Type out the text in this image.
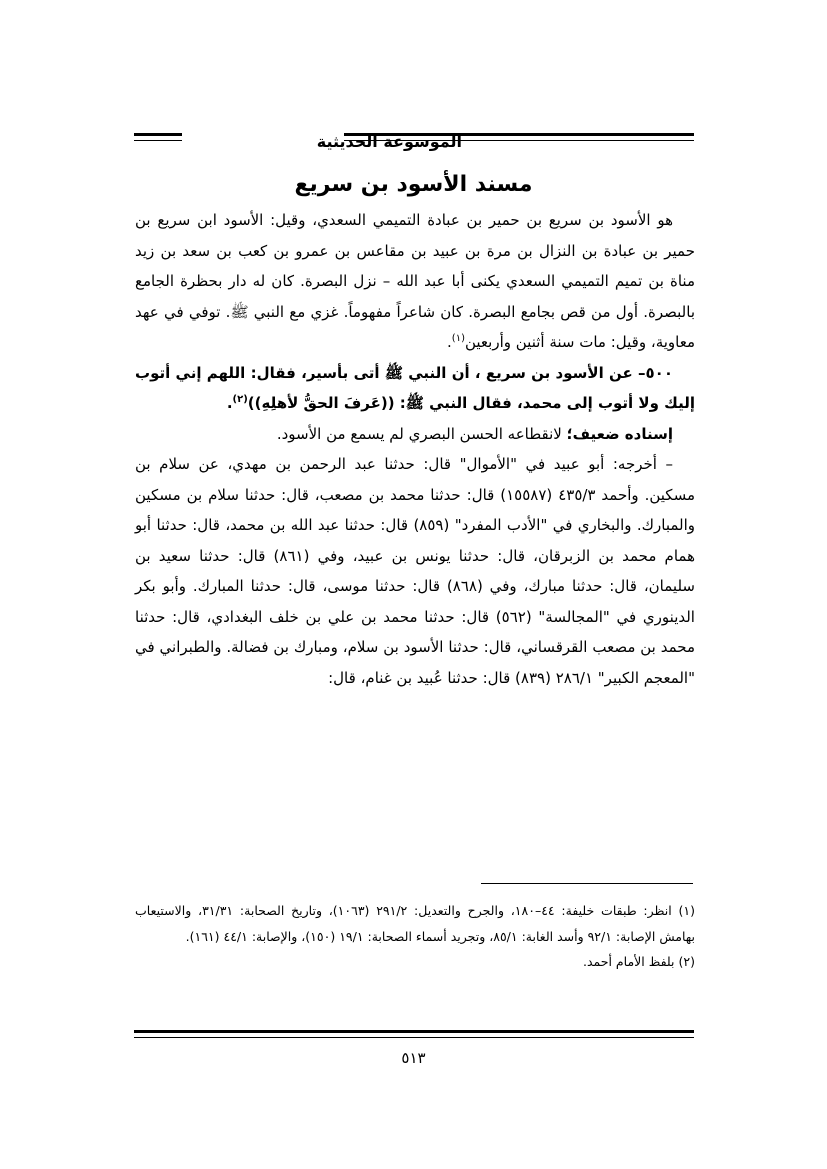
الموسوعة الحديثية
مسند الأسود بن سريع

هو الأسود بن سريع بن حمير بن عبادة التميمي السعدي، وقيل: الأسود ابن سريع بن حمير بن عبادة بن النزال بن مرة بن عبيد بن مقاعس بن عمرو بن كعب بن سعد بن زيد مناة بن تميم التميمي السعدي يكنى أبا عبد الله – نزل البصرة. كان له دار بحظرة الجامع بالبصرة. أول من قص بجامع البصرة. كان شاعراً مفهوماً. غزي مع النبي ﷺ. توفي في عهد معاوية، وقيل: مات سنة أثنين وأربعين$^{(١)}$.

٥٠٠– عن الأسود بن سريع ، أن النبي ﷺ أتى بأسير، فقال: اللهم إني أتوب إليك ولا أتوب إلى محمد، فقال النبي ﷺ: ((عَرفَ الحقُّ لأهلِهِ))$^{(٢)}$.

إسناده ضعيف؛ لانقطاعه الحسن البصري لم يسمع من الأسود.

– أخرجه: أبو عبيد في "الأموال" قال: حدثنا عبد الرحمن بن مهدي، عن سلام بن مسكين. وأحمد ٤٣٥/٣ (١٥٥٨٧) قال: حدثنا محمد بن مصعب، قال: حدثنا سلام بن مسكين والمبارك. والبخاري في "الأدب المفرد" (٨٥٩) قال: حدثنا عبد الله بن محمد، قال: حدثنا أبو همام محمد بن الزبرقان، قال: حدثنا يونس بن عبيد، وفي (٨٦١) قال: حدثنا سعيد بن سليمان، قال: حدثنا مبارك، وفي (٨٦٨) قال: حدثنا موسى، قال: حدثنا المبارك. وأبو بكر الدينوري في "المجالسة" (٥٦٢) قال: حدثنا محمد بن علي بن خلف البغدادي، قال: حدثنا محمد بن مصعب القرقساني، قال: حدثنا الأسود بن سلام، ومبارك بن فضالة. والطبراني في "المعجم الكبير" ٢٨٦/١ (٨٣٩) قال: حدثنا عُبيد بن غنام، قال:

(١) انظر: طبقات خليفة: ٤٤–١٨٠، والجرح والتعديل: ٢٩١/٢ (١٠٦٣)، وتاريخ الصحابة: ٣١/٣١، والاستيعاب بهامش الإصابة: ٩٢/١ وأسد الغابة: ٨٥/١، وتجريد أسماء الصحابة: ١٩/١ (١٥٠)، والإصابة: ٤٤/١ (١٦١).

(٢) بلفظ الأمام أحمد.

٥١٣
